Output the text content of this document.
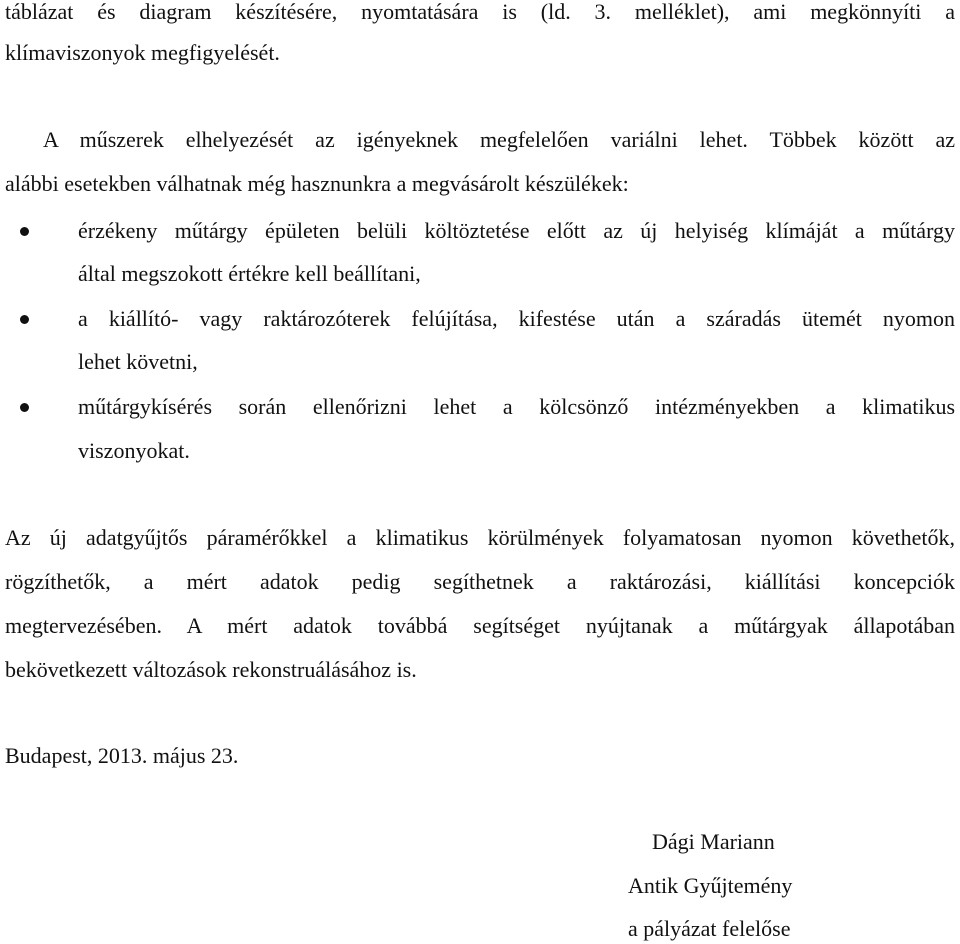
táblázat és diagram készítésére, nyomtatására is (ld. 3. melléklet), ami megkönnyíti a
klímaviszonyok megfigyelését.
A műszerek elhelyezését az igényeknek megfelelően variálni lehet. Többek között az
alábbi esetekben válhatnak még hasznunkra a megvásárolt készülékek:
érzékeny műtárgy épületen belüli költöztetése előtt az új helyiség klímáját a műtárgy
által megszokott értékre kell beállítani,
a kiállító- vagy raktározóterek felújítása, kifestése után a száradás ütemét nyomon
lehet követni,
műtárgykísérés során ellenőrizni lehet a kölcsönző intézményekben a klimatikus
viszonyokat.
Az új adatgyűjtős páramérőkkel a klimatikus körülmények folyamatosan nyomon követhetők,
rögzíthetők, a mért adatok pedig segíthetnek a raktározási, kiállítási koncepciók
megtervezésében. A mért adatok továbbá segítséget nyújtanak a műtárgyak állapotában
bekövetkezett változások rekonstruálásához is.
Budapest, 2013. május 23.
Dági Mariann
Antik Gyűjtemény
a pályázat felelőse
